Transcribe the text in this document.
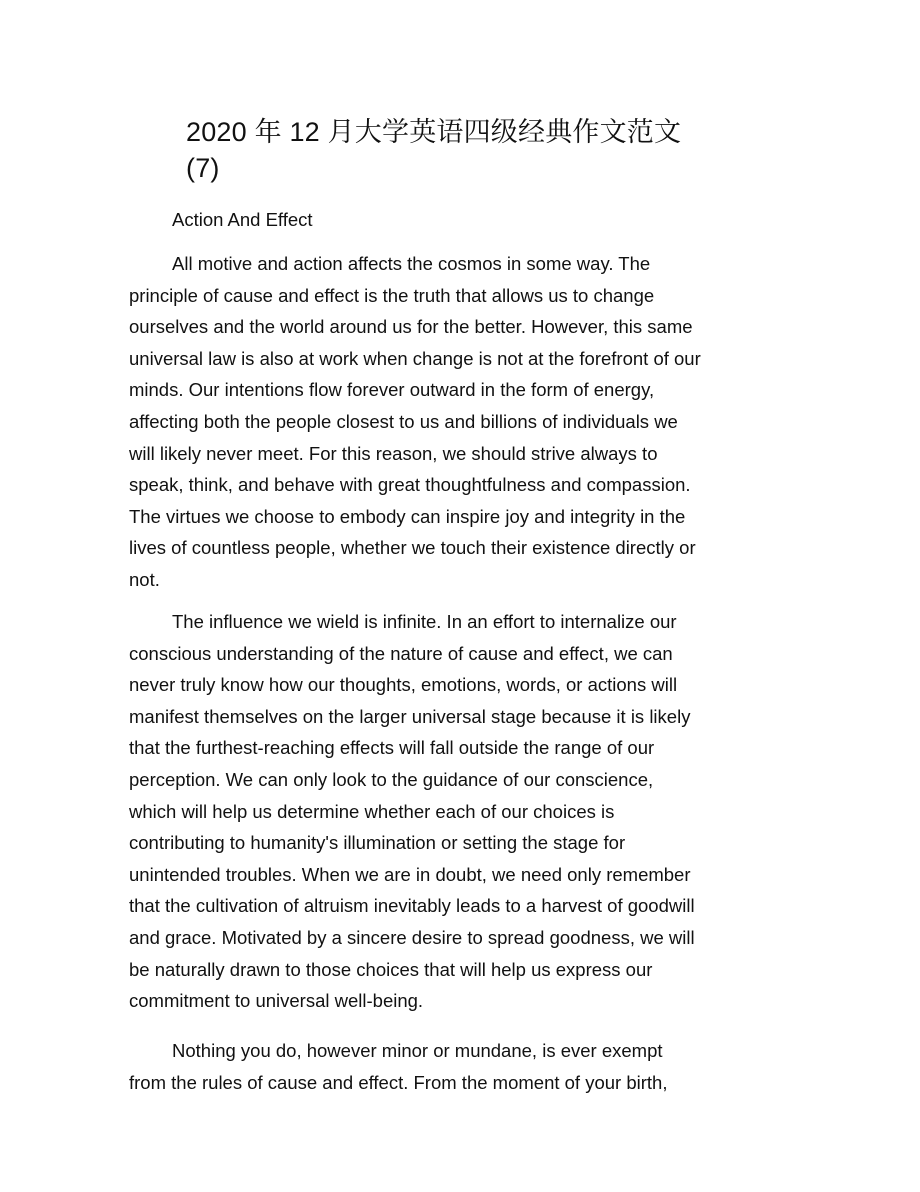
2020 年 12 月大学英语四级经典作文范文 (7)

Action And Effect

All motive and action affects the cosmos in some way. The principle of cause and effect is the truth that allows us to change ourselves and the world around us for the better. However, this same universal law is also at work when change is not at the forefront of our minds. Our intentions flow forever outward in the form of energy, affecting both the people closest to us and billions of individuals we will likely never meet. For this reason, we should strive always to speak, think, and behave with great thoughtfulness and compassion. The virtues we choose to embody can inspire joy and integrity in the lives of countless people, whether we touch their existence directly or not.

The influence we wield is infinite. In an effort to internalize our conscious understanding of the nature of cause and effect, we can never truly know how our thoughts, emotions, words, or actions will manifest themselves on the larger universal stage because it is likely that the furthest-reaching effects will fall outside the range of our perception. We can only look to the guidance of our conscience, which will help us determine whether each of our choices is contributing to humanity's illumination or setting the stage for unintended troubles. When we are in doubt, we need only remember that the cultivation of altruism inevitably leads to a harvest of goodwill and grace. Motivated by a sincere desire to spread goodness, we will be naturally drawn to those choices that will help us express our commitment to universal well-being.

Nothing you do, however minor or mundane, is ever exempt from the rules of cause and effect. From the moment of your birth,
